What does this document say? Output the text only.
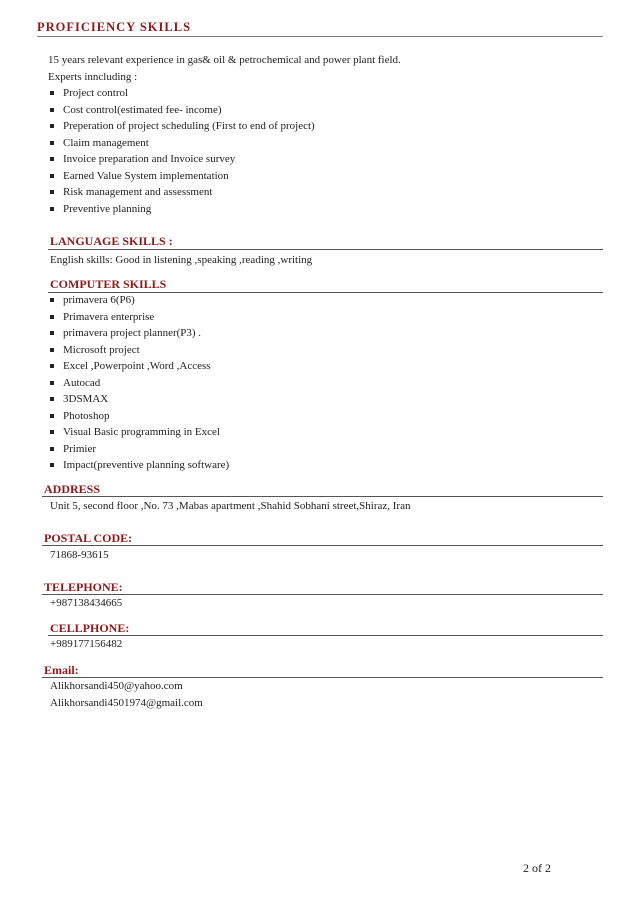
PROFICIENCY SKILLS
15 years relevant experience in gas& oil & petrochemical and power plant field.
Experts inncluding :
Project control
Cost control(estimated fee- income)
Preperation of project scheduling (First to end of project)
Claim management
Invoice preparation and Invoice survey
Earned Value System implementation
Risk management and assessment
Preventive planning
LANGUAGE SKILLS :
English skills: Good in listening ,speaking ,reading ,writing
COMPUTER SKILLS
primavera 6(P6)
Primavera enterprise
primavera project planner(P3) .
Microsoft project
Excel ,Powerpoint ,Word ,Access
Autocad
3DSMAX
Photoshop
Visual Basic programming in Excel
Primier
Impact(preventive planning software)
ADDRESS
Unit 5, second floor ,No. 73 ,Mabas apartment ,Shahid Sobhani street,Shiraz, Iran
POSTAL CODE:
71868-93615
TELEPHONE:
+987138434665
CELLPHONE:
+989177156482
Email:
Alikhorsandi450@yahoo.com
Alikhorsandi4501974@gmail.com
2 of 2
